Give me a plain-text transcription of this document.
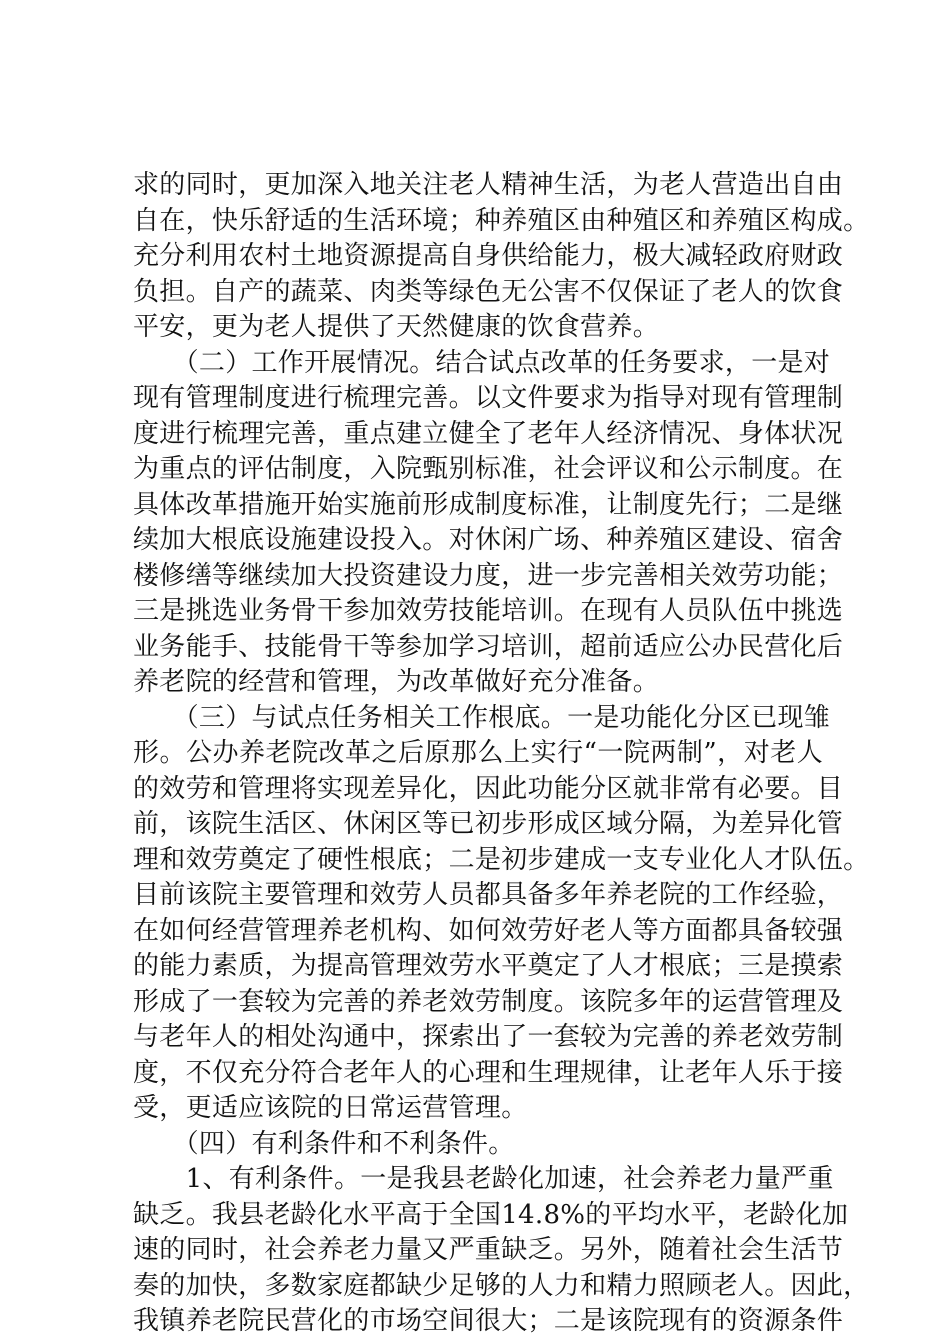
求的同时，更加深入地关注老人精神生活，为老人营造出自由
自在，快乐舒适的生活环境；种养殖区由种殖区和养殖区构成。
充分利用农村土地资源提高自身供给能力，极大减轻政府财政
负担。自产的蔬菜、肉类等绿色无公害不仅保证了老人的饮食
平安，更为老人提供了天然健康的饮食营养。
　　（二）工作开展情况。结合试点改革的任务要求，一是对
现有管理制度进行梳理完善。以文件要求为指导对现有管理制
度进行梳理完善，重点建立健全了老年人经济情况、身体状况
为重点的评估制度，入院甄别标准，社会评议和公示制度。在
具体改革措施开始实施前形成制度标准，让制度先行；二是继
续加大根底设施建设投入。对休闲广场、种养殖区建设、宿舍
楼修缮等继续加大投资建设力度，进一步完善相关效劳功能；
三是挑选业务骨干参加效劳技能培训。在现有人员队伍中挑选
业务能手、技能骨干等参加学习培训，超前适应公办民营化后
养老院的经营和管理，为改革做好充分准备。
　　（三）与试点任务相关工作根底。一是功能化分区已现雏
形。公办养老院改革之后原那么上实行“一院两制”，对老人
的效劳和管理将实现差异化，因此功能分区就非常有必要。目
前，该院生活区、休闲区等已初步形成区域分隔，为差异化管
理和效劳奠定了硬性根底；二是初步建成一支专业化人才队伍。
目前该院主要管理和效劳人员都具备多年养老院的工作经验，
在如何经营管理养老机构、如何效劳好老人等方面都具备较强
的能力素质，为提高管理效劳水平奠定了人才根底；三是摸索
形成了一套较为完善的养老效劳制度。该院多年的运营管理及
与老年人的相处沟通中，探索出了一套较为完善的养老效劳制
度，不仅充分符合老年人的心理和生理规律，让老年人乐于接
受，更适应该院的日常运营管理。
　　（四）有利条件和不利条件。
　　1、有利条件。一是我县老龄化加速，社会养老力量严重
缺乏。我县老龄化水平高于全国14.8%的平均水平，老龄化加
速的同时，社会养老力量又严重缺乏。另外，随着社会生活节
奏的加快，多数家庭都缺少足够的人力和精力照顾老人。因此，
我镇养老院民营化的市场空间很大；二是该院现有的资源条件
